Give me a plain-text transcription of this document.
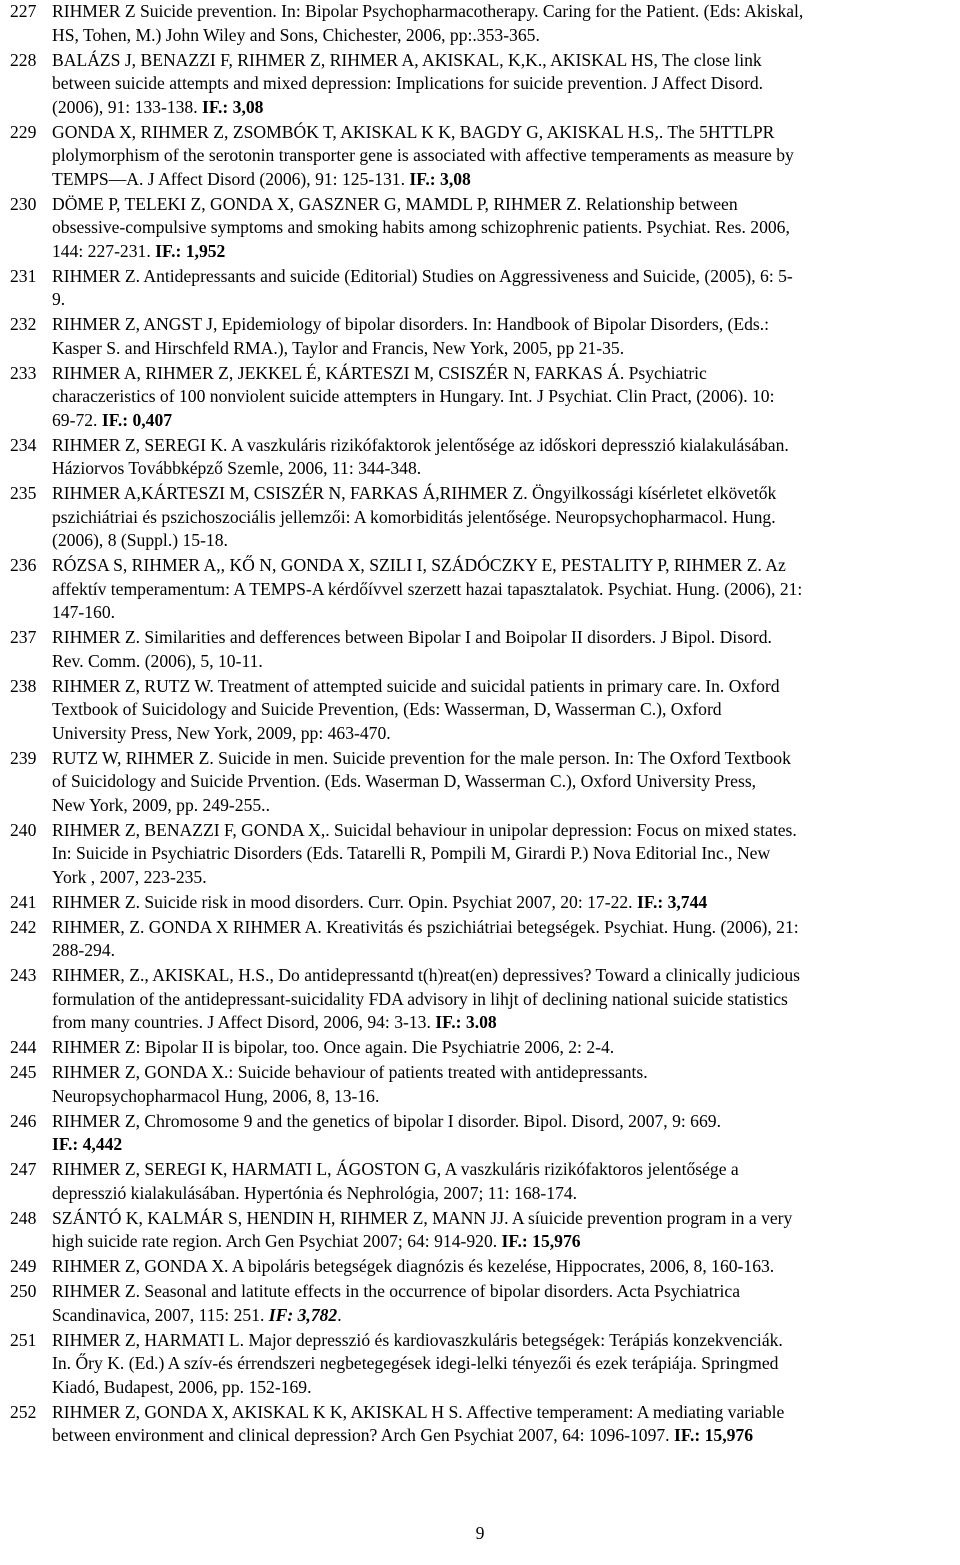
227 RIHMER Z Suicide prevention. In: Bipolar Psychopharmacotherapy. Caring for the Patient. (Eds: Akiskal,
HS, Tohen, M.) John Wiley and Sons, Chichester, 2006, pp:.353-365.
228 BALÁZS J, BENAZZI F, RIHMER Z, RIHMER A, AKISKAL, K,K., AKISKAL HS, The close link
between suicide attempts and mixed depression: Implications for suicide prevention. J Affect Disord.
(2006), 91: 133-138. IF.: 3,08
229 GONDA X, RIHMER Z, ZSOMBÓK T, AKISKAL K K, BAGDY G, AKISKAL H.S,. The 5HTTLPR
plolymorphism of the serotonin transporter gene is associated with affective temperaments as measure by
TEMPS—A. J Affect Disord (2006), 91: 125-131. IF.: 3,08
230 DÖME P, TELEKI Z, GONDA X, GASZNER G, MAMDL P, RIHMER Z. Relationship between
obsessive-compulsive symptoms and smoking habits among schizophrenic patients. Psychiat. Res. 2006,
144: 227-231. IF.: 1,952
231 RIHMER Z. Antidepressants and suicide (Editorial) Studies on Aggressiveness and Suicide, (2005), 6: 5-
9.
232 RIHMER Z, ANGST J, Epidemiology of bipolar disorders. In: Handbook of Bipolar Disorders, (Eds.:
Kasper S. and Hirschfeld RMA.), Taylor and Francis, New York, 2005, pp 21-35.
233 RIHMER A, RIHMER Z, JEKKEL É, KÁRTESZI M, CSISZÉR N, FARKAS Á. Psychiatric
characzeristics of 100 nonviolent suicide attempters in Hungary. Int. J Psychiat. Clin Pract, (2006). 10:
69-72. IF.: 0,407
234 RIHMER Z, SEREGI K. A vaszkuláris rizikófaktorok jelentősége az időskori depresszió kialakulásában.
Háziorvos Továbbképző Szemle, 2006, 11: 344-348.
235 RIHMER A,KÁRTESZI M, CSISZÉR N, FARKAS Á,RIHMER Z. Öngyilkossági kísérletet elkövetők
pszichiátriai és pszichoszociális jellemzői: A komorbiditás jelentősége. Neuropsychopharmacol. Hung.
(2006), 8 (Suppl.) 15-18.
236 RÓZSA S, RIHMER A,, KŐ N, GONDA X, SZILI I, SZÁDÓCZKY E, PESTALITY P, RIHMER Z. Az
affektív temperamentum: A TEMPS-A kérdőívvel szerzett hazai tapasztalatok. Psychiat. Hung. (2006), 21:
147-160.
237 RIHMER Z. Similarities and defferences between Bipolar I and Boipolar II disorders. J Bipol. Disord.
Rev. Comm. (2006), 5, 10-11.
238 RIHMER Z, RUTZ W. Treatment of attempted suicide and suicidal patients in primary care. In. Oxford
Textbook of Suicidology and Suicide Prevention, (Eds: Wasserman, D, Wasserman C.), Oxford
University Press, New York, 2009, pp: 463-470.
239 RUTZ W, RIHMER Z. Suicide in men. Suicide prevention for the male person. In: The Oxford Textbook
of Suicidology and Suicide Prvention. (Eds. Waserman D, Wasserman C.), Oxford University Press,
New York, 2009, pp. 249-255..
240 RIHMER Z, BENAZZI F, GONDA X,. Suicidal behaviour in unipolar depression: Focus on mixed states.
In: Suicide in Psychiatric Disorders (Eds. Tatarelli R, Pompili M, Girardi P.) Nova Editorial Inc., New
York , 2007, 223-235.
241 RIHMER Z. Suicide risk in mood disorders. Curr. Opin. Psychiat 2007, 20: 17-22. IF.: 3,744
242 RIHMER, Z. GONDA X RIHMER A. Kreativitás és pszichiátriai betegségek. Psychiat. Hung. (2006), 21:
288-294.
243 RIHMER, Z., AKISKAL, H.S., Do antidepressantd t(h)reat(en) depressives? Toward a clinically judicious
formulation of the antidepressant-suicidality FDA advisory in lihjt of declining national suicide statistics
from many countries. J Affect Disord, 2006, 94: 3-13. IF.: 3.08
244 RIHMER Z: Bipolar II is bipolar, too. Once again. Die Psychiatrie 2006, 2: 2-4.
245 RIHMER Z, GONDA X.: Suicide behaviour of patients treated with antidepressants.
Neuropsychopharmacol Hung, 2006, 8, 13-16.
246 RIHMER Z, Chromosome 9 and the genetics of bipolar I disorder. Bipol. Disord, 2007, 9: 669.
IF.: 4,442
247 RIHMER Z, SEREGI K, HARMATI L, ÁGOSTON G, A vaszkuláris rizikófaktoros jelentősége a
depresszió kialakulásában. Hypertónia és Nephrológia, 2007; 11: 168-174.
248 SZÁNTÓ K, KALMÁR S, HENDIN H, RIHMER Z, MANN JJ. A síuicide prevention program in a very
high suicide rate region. Arch Gen Psychiat 2007; 64: 914-920. IF.: 15,976
249 RIHMER Z, GONDA X. A bipoláris betegségek diagnózis és kezelése, Hippocrates, 2006, 8, 160-163.
250 RIHMER Z. Seasonal and latitute effects in the occurrence of bipolar disorders. Acta Psychiatrica
Scandinavica, 2007, 115: 251. IF: 3,782.
251 RIHMER Z, HARMATI L. Major depresszió és kardiovaszkuláris betegségek: Terápiás konzekvenciák.
In. Őry K. (Ed.) A szív-és érrendszeri negbetegegések idegi-lelki tényezői és ezek terápiája. Springmed
Kiadó, Budapest, 2006, pp. 152-169.
252 RIHMER Z, GONDA X, AKISKAL K K, AKISKAL H S. Affective temperament: A mediating variable
between environment and clinical depression? Arch Gen Psychiat 2007, 64: 1096-1097. IF.: 15,976
9
